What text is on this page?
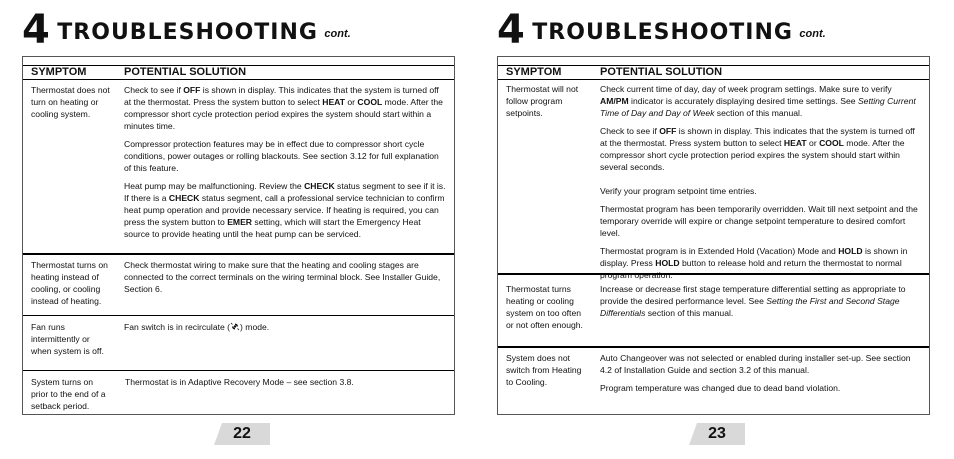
4 TROUBLESHOOTING cont.
SYMPTOM	POTENTIAL SOLUTION
Thermostat does not turn on heating or cooling system.

Check to see if OFF is shown in display. This indicates that the system is turned off at the thermostat. Press the system button to select HEAT or COOL mode. After the compressor short cycle protection period expires the system should start within a minutes time.

Compressor protection features may be in effect due to compressor short cycle conditions, power outages or rolling blackouts. See section 3.12 for full explanation of this feature.

Heat pump may be malfunctioning. Review the CHECK status segment to see if it is. If there is a CHECK status segment, call a professional service technician to confirm heat pump operation and provide necessary service. If heating is required, you can press the system button to EMER setting, which will start the Emergency Heat source to provide heating until the heat pump can be serviced.

Thermostat turns on heating instead of cooling, or cooling instead of heating.
Check thermostat wiring to make sure that the heating and cooling stages are connected to the correct terminals on the wiring terminal block. See Installer Guide, Section 6.
Fan runs intermittently or when system is off.
Fan switch is in recirculate ( ) mode.
System turns on prior to the end of a setback period.
Thermostat is in Adaptive Recovery Mode – see section 3.8.
22
4 TROUBLESHOOTING cont.
SYMPTOM	POTENTIAL SOLUTION
Thermostat will not follow program setpoints.

Check current time of day, day of week program settings. Make sure to verify AM/PM indicator is accurately displaying desired time settings. See Setting Current Time of Day and Day of Week section of this manual.

Check to see if OFF is shown in display. This indicates that the system is turned off at the thermostat. Press system button to select HEAT or COOL mode. After the compressor short cycle protection period expires the system should start within several seconds.

Verify your program setpoint time entries.

Thermostat program has been temporarily overridden. Wait till next setpoint and the temporary override will expire or change setpoint temperature to desired comfort level.

Thermostat program is in Extended Hold (Vacation) Mode and HOLD is shown in display. Press HOLD button to release hold and return the thermostat to normal program operation.

Thermostat turns heating or cooling system on too often or not often enough.
Increase or decrease first stage temperature differential setting as appropriate to provide the desired performance level. See Setting the First and Second Stage Differentials section of this manual.
System does not switch from Heating to Cooling.

Auto Changeover was not selected or enabled during installer set-up. See section 4.2 of Installation Guide and section 3.2 of this manual.

Program temperature was changed due to dead band violation.

23
